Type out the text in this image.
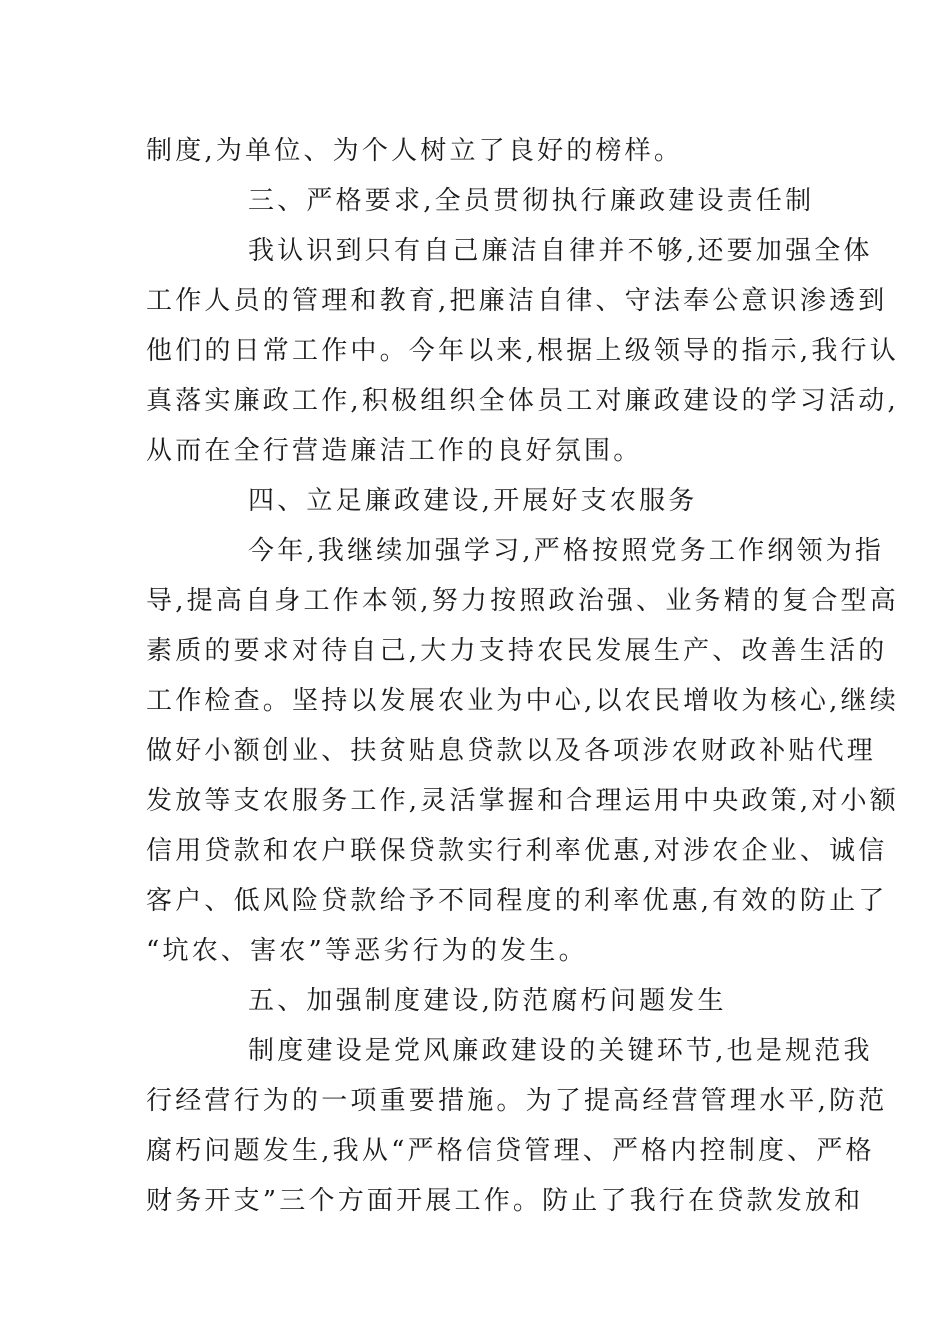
制度,为单位、为个人树立了良好的榜样。
三、严格要求,全员贯彻执行廉政建设责任制
我认识到只有自己廉洁自律并不够,还要加强全体
工作人员的管理和教育,把廉洁自律、守法奉公意识渗透到
他们的日常工作中。今年以来,根据上级领导的指示,我行认
真落实廉政工作,积极组织全体员工对廉政建设的学习活动,
从而在全行营造廉洁工作的良好氛围。
四、立足廉政建设,开展好支农服务
今年,我继续加强学习,严格按照党务工作纲领为指
导,提高自身工作本领,努力按照政治强、业务精的复合型高
素质的要求对待自己,大力支持农民发展生产、改善生活的
工作检查。坚持以发展农业为中心,以农民增收为核心,继续
做好小额创业、扶贫贴息贷款以及各项涉农财政补贴代理
发放等支农服务工作,灵活掌握和合理运用中央政策,对小额
信用贷款和农户联保贷款实行利率优惠,对涉农企业、诚信
客户、低风险贷款给予不同程度的利率优惠,有效的防止了
“坑农、害农”等恶劣行为的发生。
五、加强制度建设,防范腐朽问题发生
制度建设是党风廉政建设的关键环节,也是规范我
行经营行为的一项重要措施。为了提高经营管理水平,防范
腐朽问题发生,我从“严格信贷管理、严格内控制度、严格
财务开支”三个方面开展工作。防止了我行在贷款发放和
